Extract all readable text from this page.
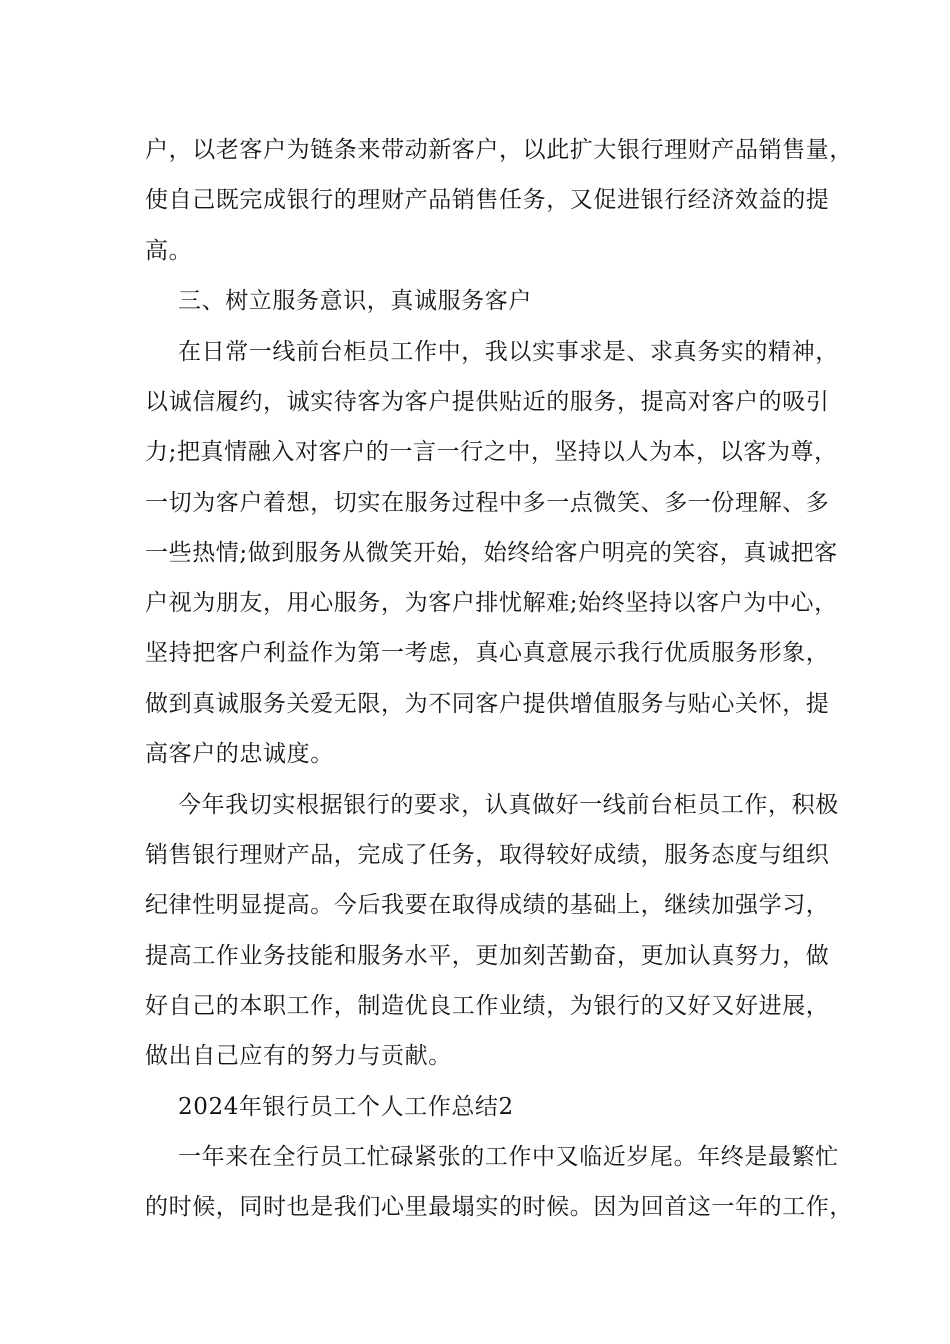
户，以老客户为链条来带动新客户，以此扩大银行理财产品销售量，
使自己既完成银行的理财产品销售任务，又促进银行经济效益的提
高。
三、树立服务意识，真诚服务客户
在日常一线前台柜员工作中，我以实事求是、求真务实的精神，
以诚信履约，诚实待客为客户提供贴近的服务，提高对客户的吸引
力;把真情融入对客户的一言一行之中，坚持以人为本，以客为尊，
一切为客户着想，切实在服务过程中多一点微笑、多一份理解、多
一些热情;做到服务从微笑开始，始终给客户明亮的笑容，真诚把客
户视为朋友，用心服务，为客户排忧解难;始终坚持以客户为中心，
坚持把客户利益作为第一考虑，真心真意展示我行优质服务形象，
做到真诚服务关爱无限，为不同客户提供增值服务与贴心关怀，提
高客户的忠诚度。
今年我切实根据银行的要求，认真做好一线前台柜员工作，积极
销售银行理财产品，完成了任务，取得较好成绩，服务态度与组织
纪律性明显提高。今后我要在取得成绩的基础上，继续加强学习，
提高工作业务技能和服务水平，更加刻苦勤奋，更加认真努力，做
好自己的本职工作，制造优良工作业绩，为银行的又好又好进展，
做出自己应有的努力与贡献。
2024年银行员工个人工作总结2
一年来在全行员工忙碌紧张的工作中又临近岁尾。年终是最繁忙
的时候，同时也是我们心里最塌实的时候。因为回首这一年的工作，
